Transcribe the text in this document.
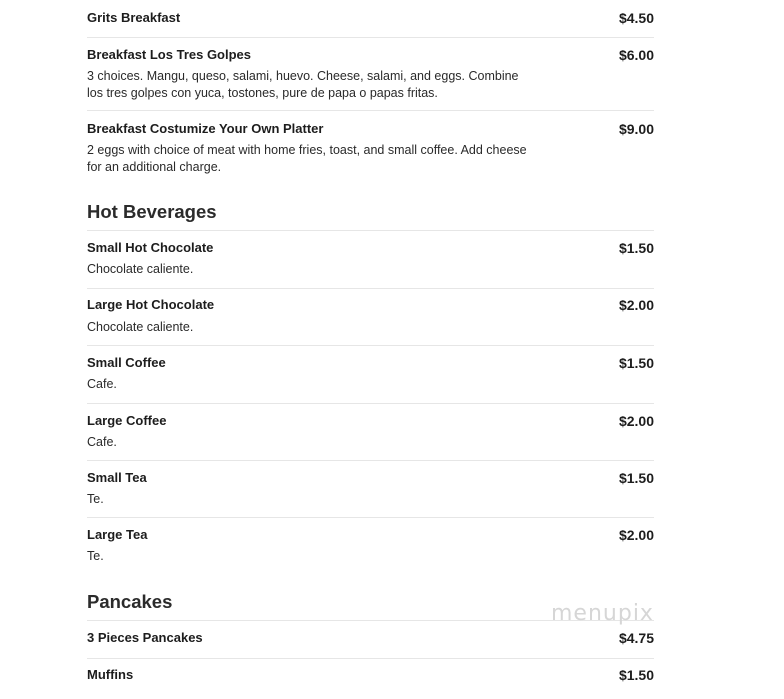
Grits Breakfast	$4.50
Breakfast Los Tres Golpes	$6.00
3 choices. Mangu, queso, salami, huevo. Cheese, salami, and eggs. Combine los tres golpes con yuca, tostones, pure de papa o papas fritas.
Breakfast Costumize Your Own Platter	$9.00
2 eggs with choice of meat with home fries, toast, and small coffee. Add cheese for an additional charge.
Hot Beverages
Small Hot Chocolate	$1.50
Chocolate caliente.
Large Hot Chocolate	$2.00
Chocolate caliente.
Small Coffee	$1.50
Cafe.
Large Coffee	$2.00
Cafe.
Small Tea	$1.50
Te.
Large Tea	$2.00
Te.
Pancakes
3 Pieces Pancakes	$4.75
Muffins	$1.50
menupix
